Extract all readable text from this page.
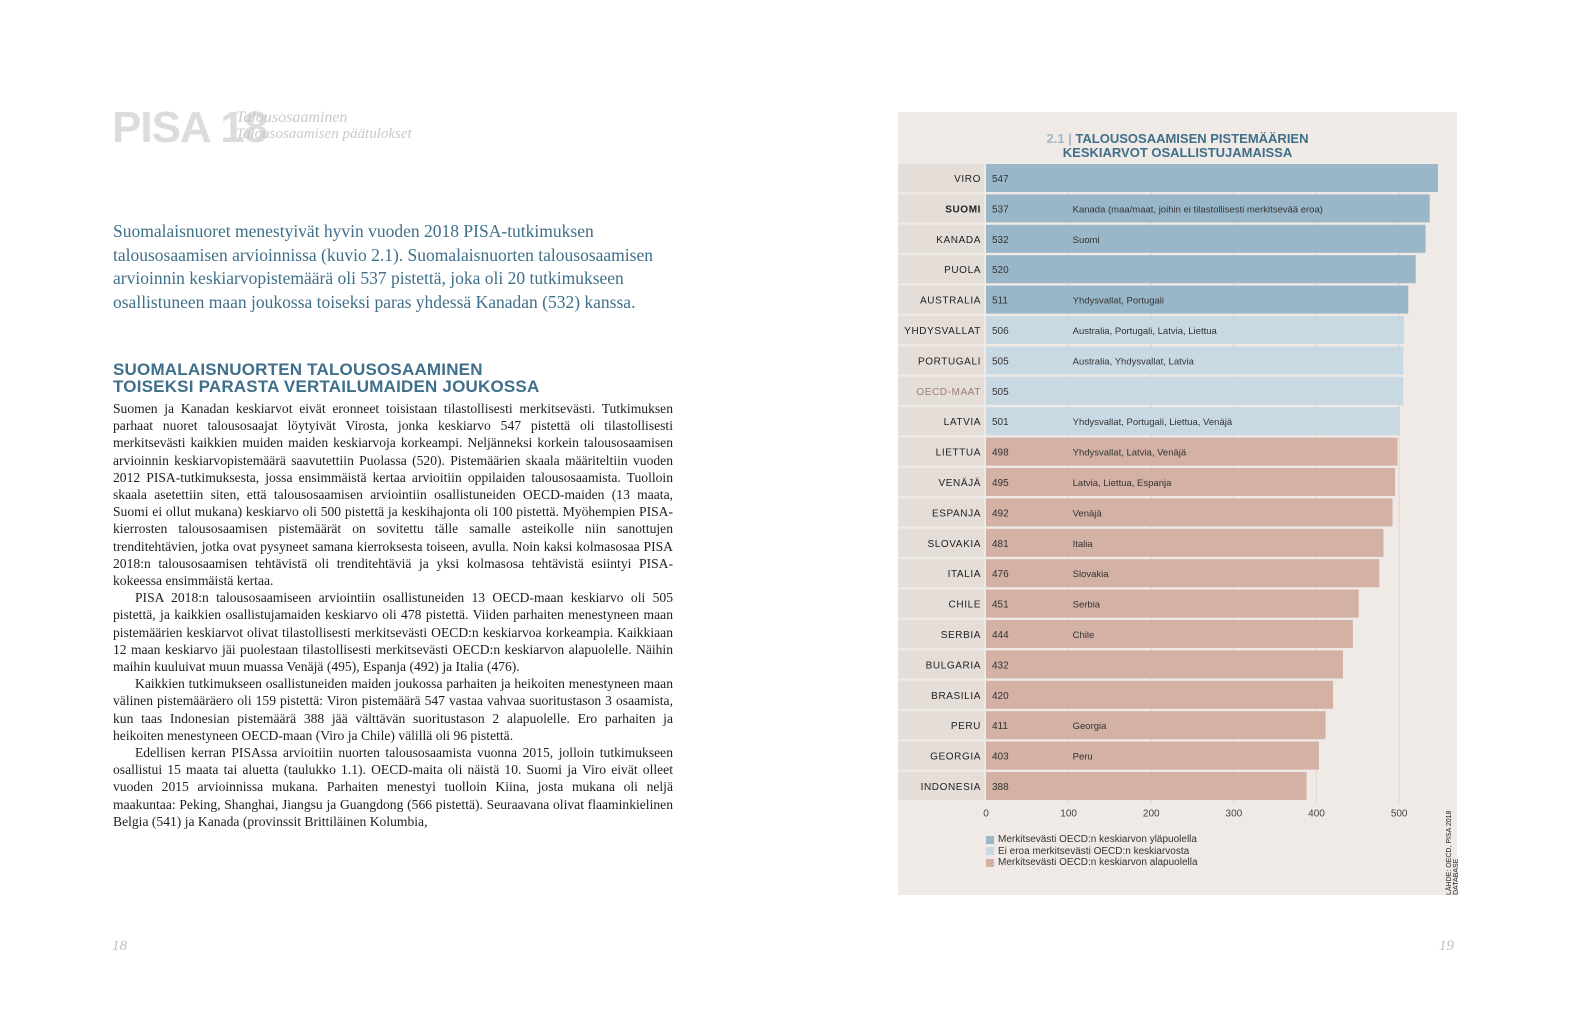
PISA 18
Talousosaaminen
Talousosaamisen päätulokset
Suomalaisnuoret menestyivät hyvin vuoden 2018 PISA-tutkimuksen talousosaamisen arvioinnissa (kuvio 2.1). Suomalaisnuorten talousosaamisen arvioinnin keskiarvopistemäärä oli 537 pistettä, joka oli 20 tutkimukseen osallistuneen maan joukossa toiseksi paras yhdessä Kanadan (532) kanssa.
SUOMALAISNUORTEN TALOUSOSAAMINEN
TOISEKSI PARASTA VERTAILUMAIDEN JOUKOSSA

Suomen ja Kanadan keskiarvot eivät eronneet toisistaan tilastollisesti merkitsevästi. Tutkimuksen parhaat nuoret talousosaajat löytyivät Virosta, jonka keskiarvo 547 pistettä oli tilastollisesti merkitsevästi kaikkien muiden maiden keskiarvoja korkeampi. Neljänneksi korkein talousosaamisen arvioinnin keskiarvopistemäärä saavutettiin Puolassa (520). Pistemäärien skaala määriteltiin vuoden 2012 PISA-tutkimuksesta, jossa ensimmäistä kertaa arvioitiin oppilaiden talousosaamista. Tuolloin skaala asetettiin siten, että talousosaamisen arviointiin osallistuneiden OECD-maiden (13 maata, Suomi ei ollut mukana) keskiarvo oli 500 pistettä ja keskihajonta oli 100 pistettä. Myöhempien PISA-kierrosten talousosaamisen pistemäärät on sovitettu tälle samalle asteikolle niin sanottujen trenditehtävien, jotka ovat pysyneet samana kierroksesta toiseen, avulla. Noin kaksi kolmasosaa PISA 2018:n talousosaamisen tehtävistä oli trenditehtäviä ja yksi kolmasosa tehtävistä esiintyi PISA-kokeessa ensimmäistä kertaa.

PISA 2018:n talousosaamiseen arviointiin osallistuneiden 13 OECD-maan keskiarvo oli 505 pistettä, ja kaikkien osallistujamaiden keskiarvo oli 478 pistettä. Viiden parhaiten menestyneen maan pistemäärien keskiarvot olivat tilastollisesti merkitsevästi OECD:n keskiarvoa korkeampia. Kaikkiaan 12 maan keskiarvo jäi puolestaan tilastollisesti merkitsevästi OECD:n keskiarvon alapuolelle. Näihin maihin kuuluivat muun muassa Venäjä (495), Espanja (492) ja Italia (476).

Kaikkien tutkimukseen osallistuneiden maiden joukossa parhaiten ja heikoiten menestyneen maan välinen pistemääräero oli 159 pistettä: Viron pistemäärä 547 vastaa vahvaa suoritustason 3 osaamista, kun taas Indonesian pistemäärä 388 jää välttävän suoritustason 2 alapuolelle. Ero parhaiten ja heikoiten menestyneen OECD-maan (Viro ja Chile) välillä oli 96 pistettä.

Edellisen kerran PISAssa arvioitiin nuorten talousosaamista vuonna 2015, jolloin tutkimukseen osallistui 15 maata tai aluetta (taulukko 1.1). OECD-maita oli näistä 10. Suomi ja Viro eivät olleet vuoden 2015 arvioinnissa mukana. Parhaiten menestyi tuolloin Kiina, josta mukana oli neljä maakuntaa: Peking, Shanghai, Jiangsu ja Guangdong (566 pistettä). Seuraavana olivat flaaminkielinen Belgia (541) ja Kanada (provinssit Brittiläinen Kolumbia,

18
2.1 | TALOUSOSAAMISEN PISTEMÄÄRIEN
KESKIARVOT OSALLISTUJAMAISSA
VIRO 547
SUOMI 537	Kanada (maa/maat, joihin ei tilastollisesti merkitsevää eroa)
KANADA 532	Suomi
PUOLA 520
AUSTRALIA 511	Yhdysvallat, Portugali
YHDYSVALLAT 506	Australia, Portugali, Latvia, Liettua
PORTUGALI 505	Australia, Yhdysvallat, Latvia
OECD-MAAT 505
LATVIA 501	Yhdysvallat, Portugali, Liettua, Venäjä
LIETTUA 498	Yhdysvallat, Latvia, Venäjä
VENÄJÄ 495	Latvia, Liettua, Espanja
ESPANJA 492	Venäjä
SLOVAKIA 481	Italia
ITALIA 476	Slovakia
CHILE 451	Serbia
SERBIA 444	Chile
BULGARIA 432
BRASILIA 420
PERU 411	Georgia
GEORGIA 403	Peru
INDONESIA 388
0	100	200	300	400	500
Merkitsevästi OECD:n keskiarvon yläpuolella
Ei eroa merkitsevästi OECD:n keskiarvosta
Merkitsevästi OECD:n keskiarvon alapuolella	LÄHDE: OECD, PISA 2018 DATABASE
19
